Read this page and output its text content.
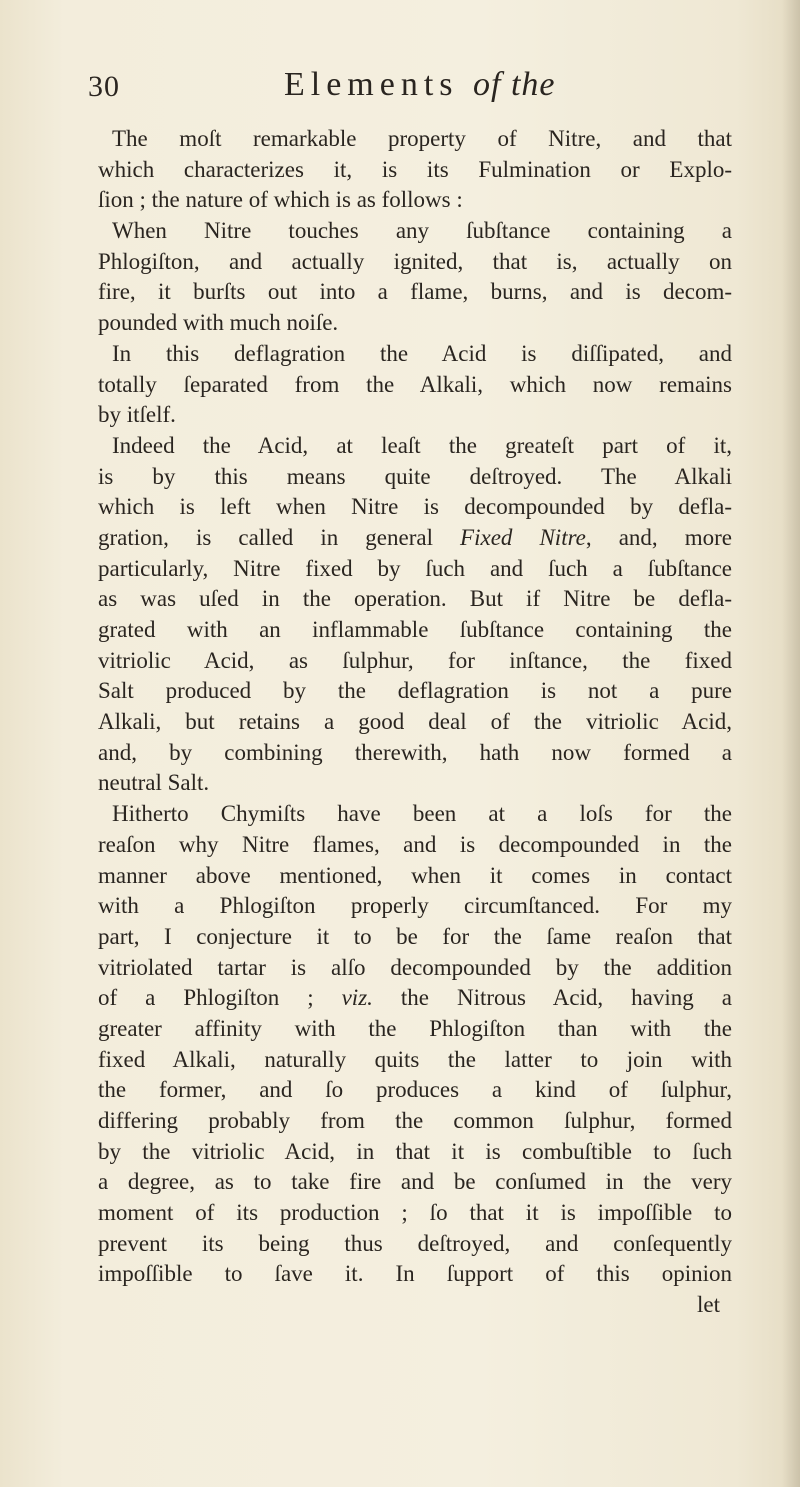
30	Elements of the
The moſt remarkable property of Nitre, and that
which characterizes it, is its Fulmination or Explo-
ſion ; the nature of which is as follows :
When Nitre touches any ſubſtance containing a
Phlogiſton, and actually ignited, that is, actually on
fire, it burſts out into a flame, burns, and is decom-
pounded with much noiſe.
In this deflagration the Acid is diſſipated, and
totally ſeparated from the Alkali, which now remains
by itſelf.
Indeed the Acid, at leaſt the greateſt part of it,
is by this means quite deſtroyed. The Alkali
which is left when Nitre is decompounded by defla-
gration, is called in general Fixed Nitre, and, more
particularly, Nitre fixed by ſuch and ſuch a ſubſtance
as was uſed in the operation. But if Nitre be defla-
grated with an inflammable ſubſtance containing the
vitriolic Acid, as ſulphur, for inſtance, the fixed
Salt produced by the deflagration is not a pure
Alkali, but retains a good deal of the vitriolic Acid,
and, by combining therewith, hath now formed a
neutral Salt.
Hitherto Chymiſts have been at a loſs for the
reaſon why Nitre flames, and is decompounded in the
manner above mentioned, when it comes in contact
with a Phlogiſton properly circumſtanced. For my
part, I conjecture it to be for the ſame reaſon that
vitriolated tartar is alſo decompounded by the addition
of a Phlogiſton ; viz. the Nitrous Acid, having a
greater affinity with the Phlogiſton than with the
fixed Alkali, naturally quits the latter to join with
the former, and ſo produces a kind of ſulphur,
differing probably from the common ſulphur, formed
by the vitriolic Acid, in that it is combuſtible to ſuch
a degree, as to take fire and be conſumed in the very
moment of its production ; ſo that it is impoſſible to
prevent its being thus deſtroyed, and conſequently
impoſſible to ſave it. In ſupport of this opinion
let
